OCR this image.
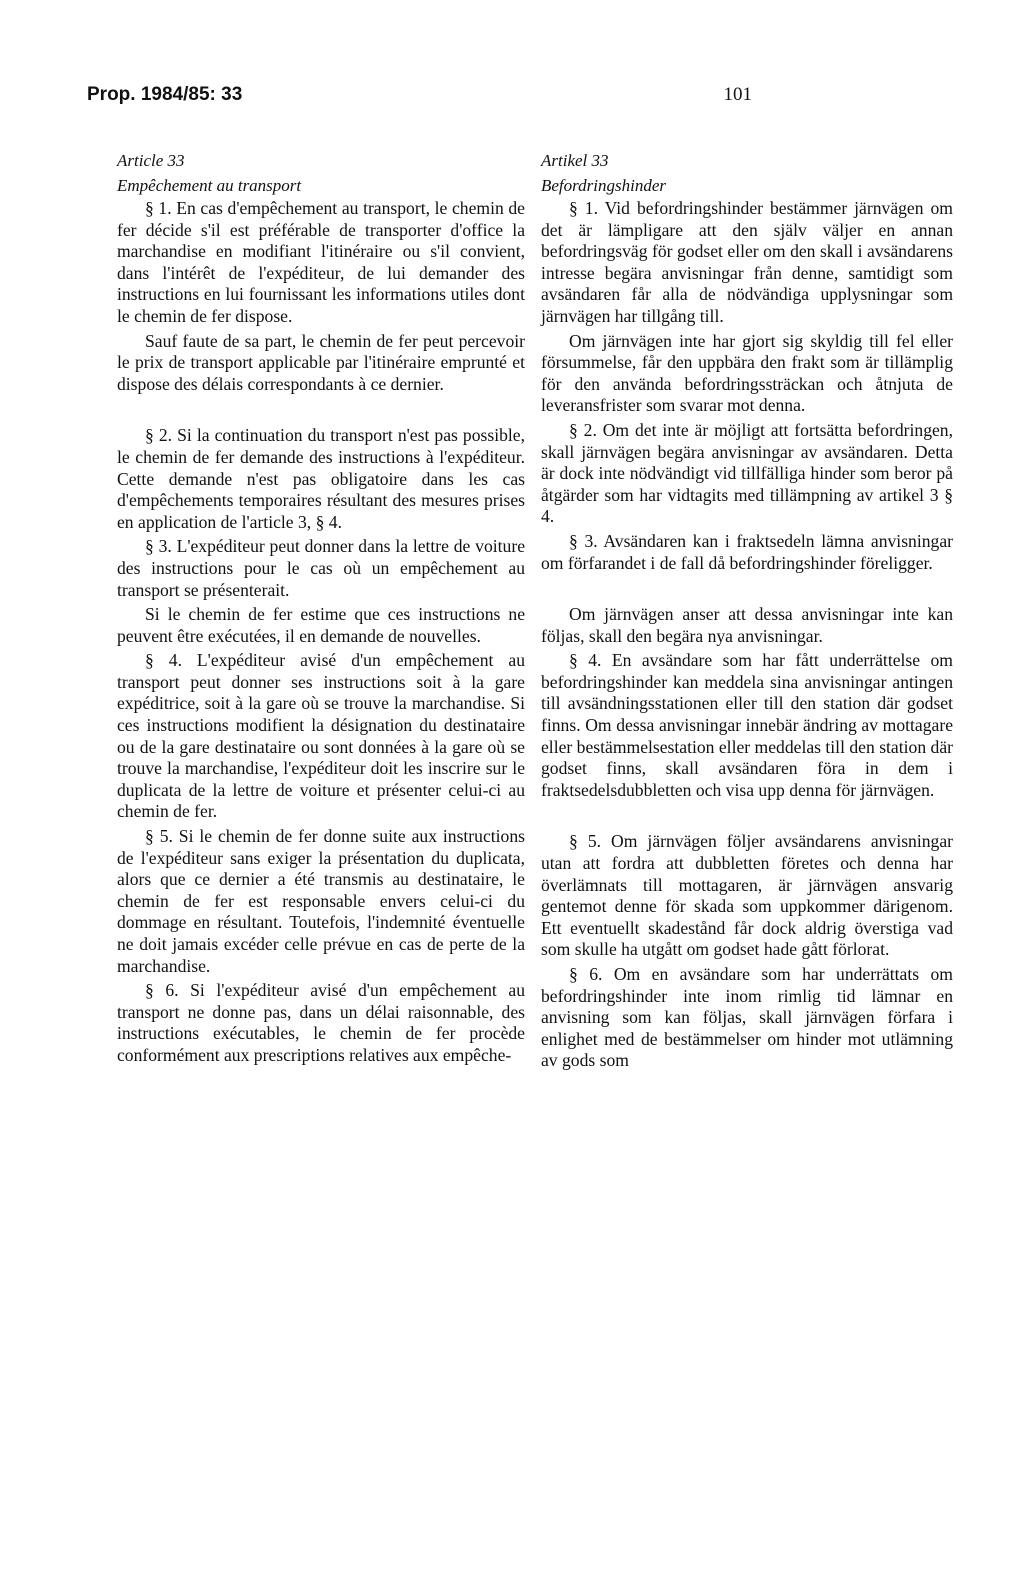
Prop. 1984/85: 33	101

Article 33

Empêchement au transport

§ 1. En cas d'empêchement au transport, le chemin de fer décide s'il est préférable de transporter d'office la marchandise en modifiant l'itinéraire ou s'il convient, dans l'intérêt de l'expéditeur, de lui demander des instructions en lui fournissant les informations utiles dont le chemin de fer dispose.

Sauf faute de sa part, le chemin de fer peut percevoir le prix de transport applicable par l'itinéraire emprunté et dispose des délais correspondants à ce dernier.

§ 2. Si la continuation du transport n'est pas possible, le chemin de fer demande des instructions à l'expéditeur. Cette demande n'est pas obligatoire dans les cas d'empêchements temporaires résultant des mesures prises en application de l'article 3, § 4.

§ 3. L'expéditeur peut donner dans la lettre de voiture des instructions pour le cas où un empêchement au transport se présenterait.

Si le chemin de fer estime que ces instructions ne peuvent être exécutées, il en demande de nouvelles.

§ 4. L'expéditeur avisé d'un empêchement au transport peut donner ses instructions soit à la gare expéditrice, soit à la gare où se trouve la marchandise. Si ces instructions modifient la désignation du destinataire ou de la gare destinataire ou sont données à la gare où se trouve la marchandise, l'expéditeur doit les inscrire sur le duplicata de la lettre de voiture et présenter celui-ci au chemin de fer.

§ 5. Si le chemin de fer donne suite aux instructions de l'expéditeur sans exiger la présentation du duplicata, alors que ce dernier a été transmis au destinataire, le chemin de fer est responsable envers celui-ci du dommage en résultant. Toutefois, l'indemnité éventuelle ne doit jamais excéder celle prévue en cas de perte de la marchandise.

§ 6. Si l'expéditeur avisé d'un empêchement au transport ne donne pas, dans un délai raisonnable, des instructions exécutables, le chemin de fer procède conformément aux prescriptions relatives aux empêche-

Artikel 33

Befordringshinder

§ 1. Vid befordringshinder bestämmer järnvägen om det är lämpligare att den själv väljer en annan befordringsväg för godset eller om den skall i avsändarens intresse begära anvisningar från denne, samtidigt som avsändaren får alla de nödvändiga upplysningar som järnvägen har tillgång till.

Om järnvägen inte har gjort sig skyldig till fel eller försummelse, får den uppbära den frakt som är tillämplig för den använda befordringssträckan och åtnjuta de leveransfrister som svarar mot denna.

§ 2. Om det inte är möjligt att fortsätta befordringen, skall järnvägen begära anvisningar av avsändaren. Detta är dock inte nödvändigt vid tillfälliga hinder som beror på åtgärder som har vidtagits med tillämpning av artikel 3 § 4.

§ 3. Avsändaren kan i fraktsedeln lämna anvisningar om förfarandet i de fall då befordringshinder föreligger.

Om järnvägen anser att dessa anvisningar inte kan följas, skall den begära nya anvisningar.

§ 4. En avsändare som har fått underrättelse om befordringshinder kan meddela sina anvisningar antingen till avsändningsstationen eller till den station där godset finns. Om dessa anvisningar innebär ändring av mottagare eller bestämmelsestation eller meddelas till den station där godset finns, skall avsändaren föra in dem i fraktsedelsdubbletten och visa upp denna för järnvägen.

§ 5. Om järnvägen följer avsändarens anvisningar utan att fordra att dubbletten företes och denna har överlämnats till mottagaren, är järnvägen ansvarig gentemot denne för skada som uppkommer därigenom. Ett eventuellt skadestånd får dock aldrig överstiga vad som skulle ha utgått om godset hade gått förlorat.

§ 6. Om en avsändare som har underrättats om befordringshinder inte inom rimlig tid lämnar en anvisning som kan följas, skall järnvägen förfara i enlighet med de bestämmelser om hinder mot utlämning av gods som
